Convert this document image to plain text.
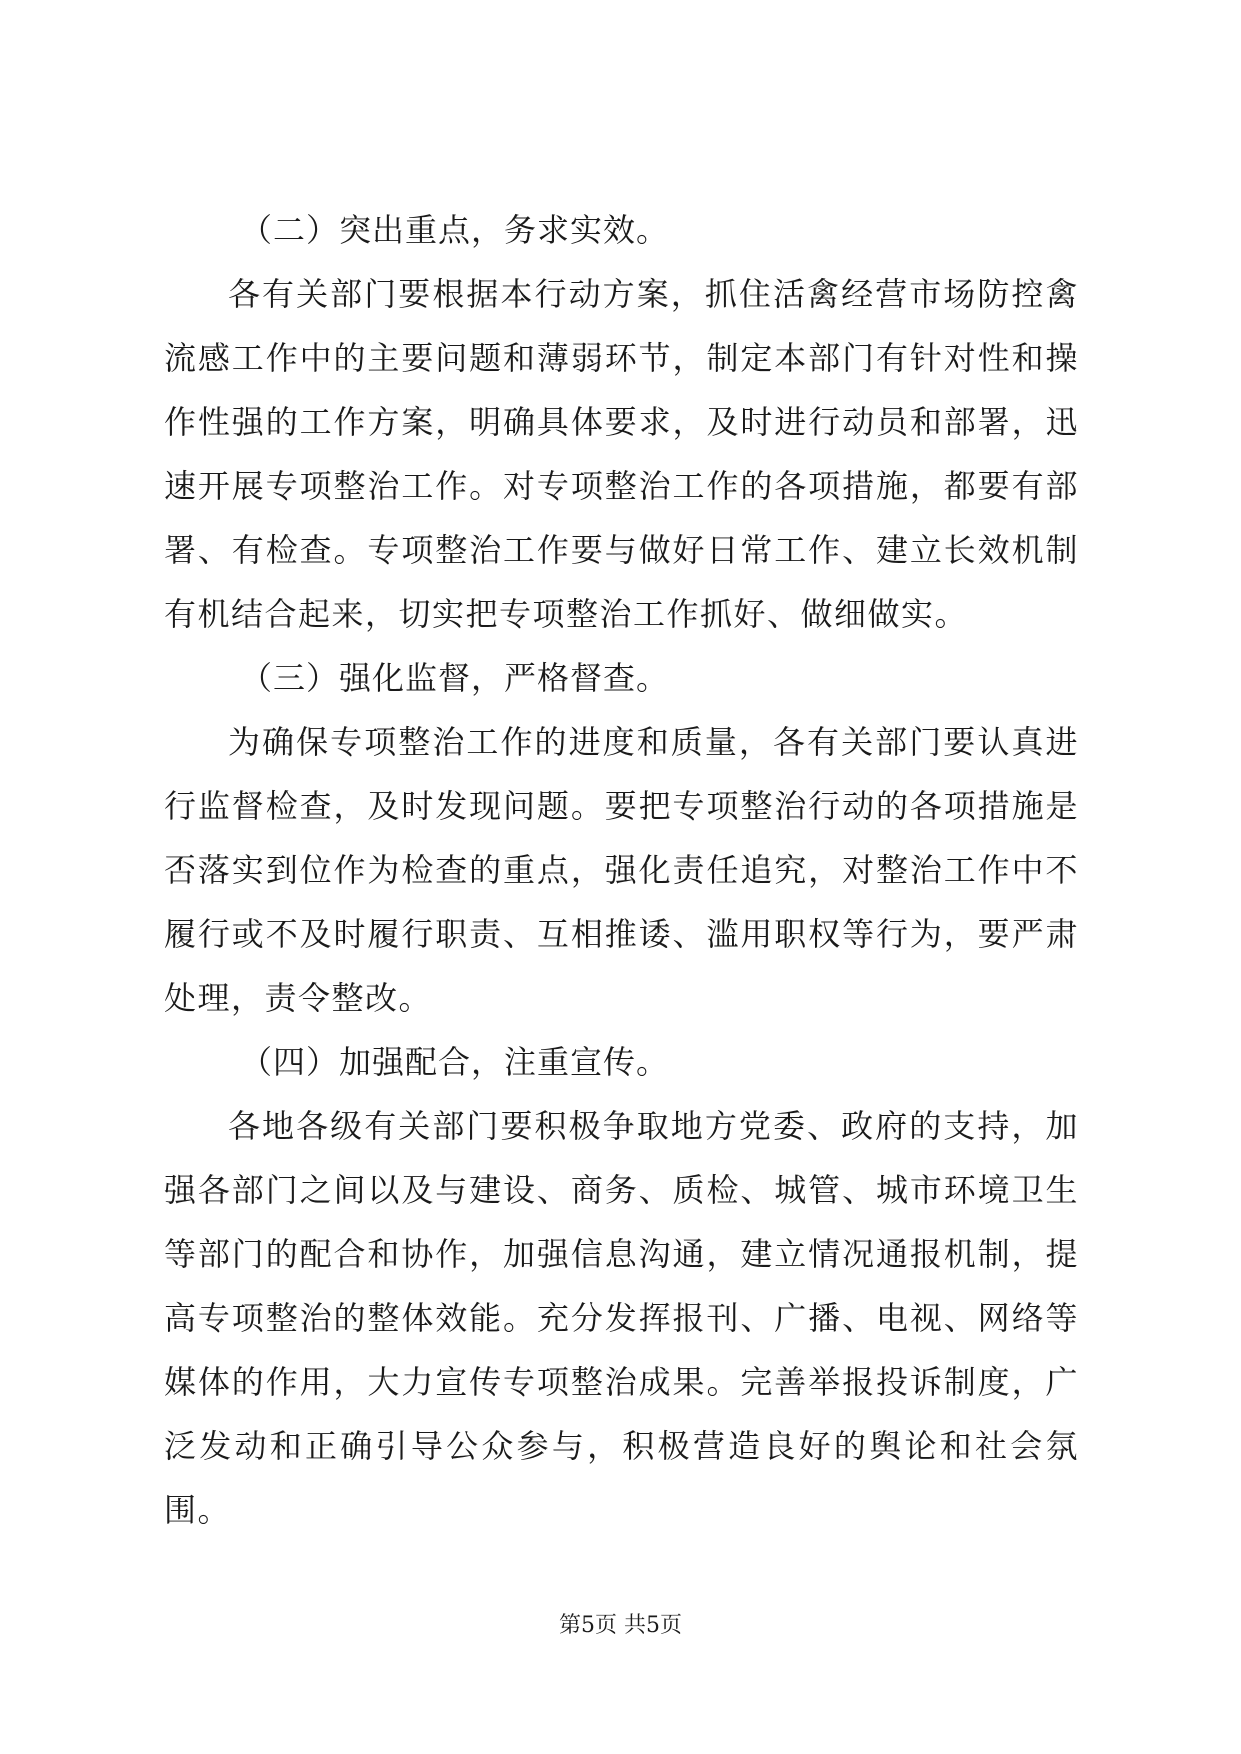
（二）突出重点，务求实效。

各有关部门要根据本行动方案，抓住活禽经营市场防控禽流感工作中的主要问题和薄弱环节，制定本部门有针对性和操作性强的工作方案，明确具体要求，及时进行动员和部署，迅速开展专项整治工作。对专项整治工作的各项措施，都要有部署、有检查。专项整治工作要与做好日常工作、建立长效机制有机结合起来，切实把专项整治工作抓好、做细做实。

（三）强化监督，严格督查。

为确保专项整治工作的进度和质量，各有关部门要认真进行监督检查，及时发现问题。要把专项整治行动的各项措施是否落实到位作为检查的重点，强化责任追究，对整治工作中不履行或不及时履行职责、互相推诿、滥用职权等行为，要严肃处理，责令整改。

（四）加强配合，注重宣传。

各地各级有关部门要积极争取地方党委、政府的支持，加强各部门之间以及与建设、商务、质检、城管、城市环境卫生等部门的配合和协作，加强信息沟通，建立情况通报机制，提高专项整治的整体效能。充分发挥报刊、广播、电视、网络等媒体的作用，大力宣传专项整治成果。完善举报投诉制度，广泛发动和正确引导公众参与，积极营造良好的舆论和社会氛围。

第5页 共5页
